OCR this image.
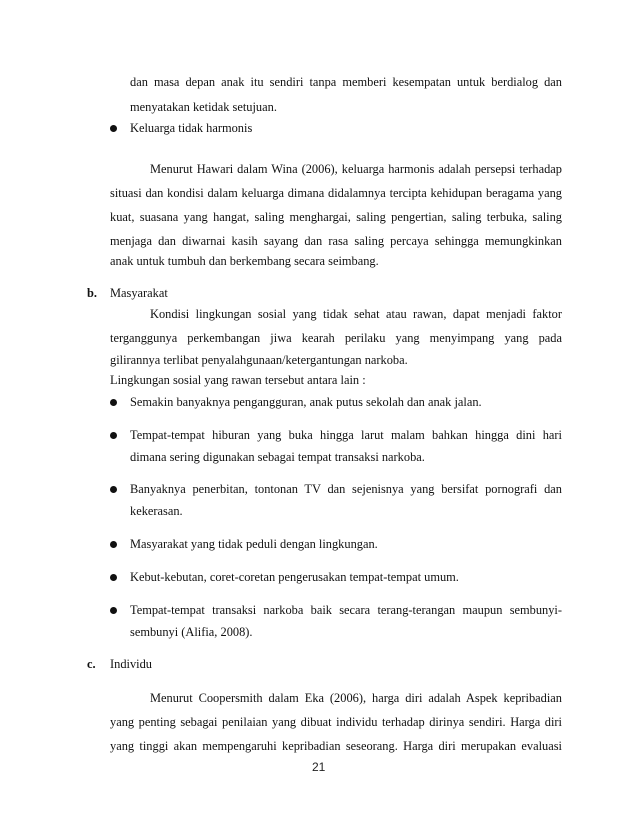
dan masa depan anak itu sendiri tanpa memberi kesempatan untuk berdialog dan
menyatakan ketidak setujuan.
Keluarga tidak harmonis
Menurut Hawari dalam Wina (2006), keluarga harmonis adalah persepsi terhadap
situasi dan kondisi dalam keluarga dimana didalamnya tercipta kehidupan beragama yang
kuat, suasana yang hangat, saling menghargai, saling pengertian, saling terbuka, saling
menjaga dan diwarnai kasih sayang dan rasa saling percaya sehingga memungkinkan
anak untuk tumbuh dan berkembang secara seimbang.
b. Masyarakat
Kondisi lingkungan sosial yang tidak sehat atau rawan, dapat menjadi faktor
terganggunya perkembangan jiwa kearah perilaku yang menyimpang yang pada
gilirannya terlibat penyalahgunaan/ketergantungan narkoba.
Lingkungan sosial yang rawan tersebut antara lain :
Semakin banyaknya pengangguran, anak putus sekolah dan anak jalan.
Tempat-tempat hiburan yang buka hingga larut malam bahkan hingga dini hari
dimana sering digunakan sebagai tempat transaksi narkoba.
Banyaknya penerbitan, tontonan TV dan sejenisnya yang bersifat pornografi dan
kekerasan.
Masyarakat yang tidak peduli dengan lingkungan.
Kebut-kebutan, coret-coretan pengerusakan tempat-tempat umum.
Tempat-tempat transaksi narkoba baik secara terang-terangan maupun sembunyi-
sembunyi (Alifia, 2008).
c. Individu
Menurut Coopersmith dalam Eka (2006), harga diri adalah Aspek kepribadian
yang penting sebagai penilaian yang dibuat individu terhadap dirinya sendiri. Harga diri
yang tinggi akan mempengaruhi kepribadian seseorang. Harga diri merupakan evaluasi
21
